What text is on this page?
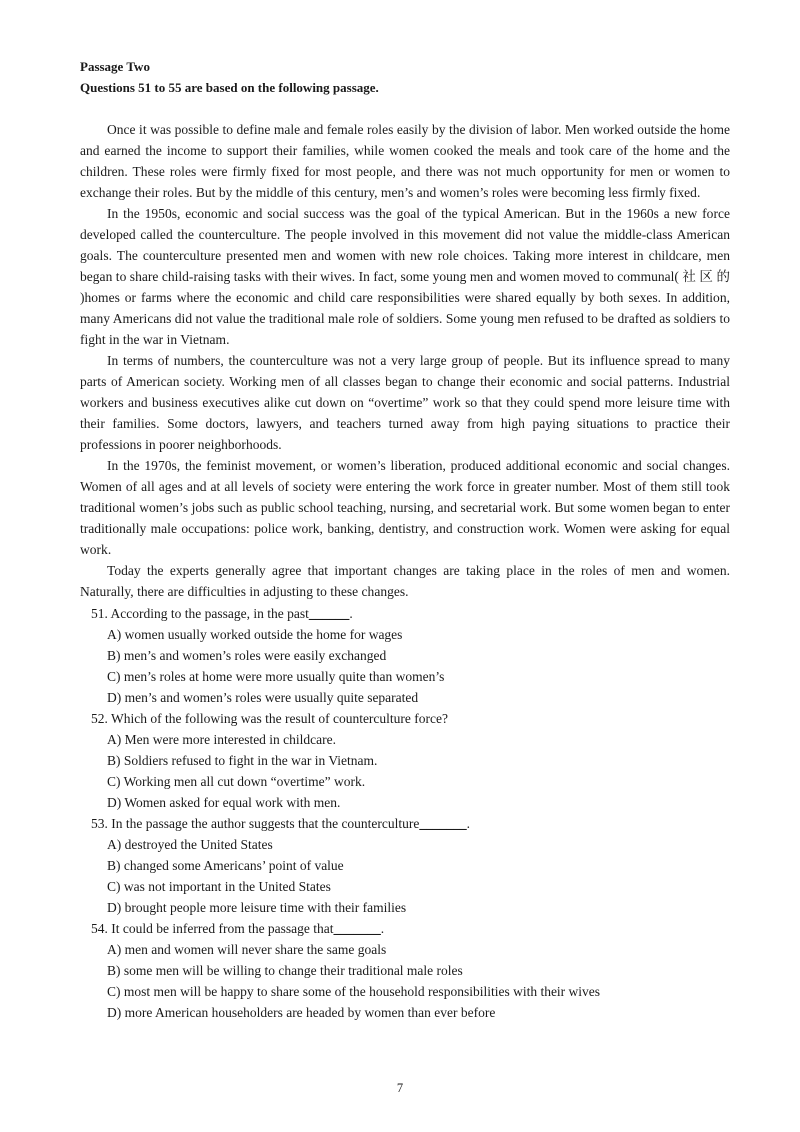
Passage Two

Questions 51 to 55 are based on the following passage.

Once it was possible to define male and female roles easily by the division of labor. Men worked outside the home and earned the income to support their families, while women cooked the meals and took care of the home and the children. These roles were firmly fixed for most people, and there was not much opportunity for men or women to exchange their roles. But by the middle of this century, men’s and women’s roles were becoming less firmly fixed.

In the 1950s, economic and social success was the goal of the typical American. But in the 1960s a new force developed called the counterculture. The people involved in this movement did not value the middle-class American goals. The counterculture presented men and women with new role choices. Taking more interest in childcare, men began to share child-raising tasks with their wives. In fact, some young men and women moved to communal( 社 区 的 )homes or farms where the economic and child care responsibilities were shared equally by both sexes. In addition, many Americans did not value the traditional male role of soldiers. Some young men refused to be drafted as soldiers to fight in the war in Vietnam.

In terms of numbers, the counterculture was not a very large group of people. But its influence spread to many parts of American society. Working men of all classes began to change their economic and social patterns. Industrial workers and business executives alike cut down on “overtime” work so that they could spend more leisure time with their families. Some doctors, lawyers, and teachers turned away from high paying situations to practice their professions in poorer neighborhoods.

In the 1970s, the feminist movement, or women’s liberation, produced additional economic and social changes. Women of all ages and at all levels of society were entering the work force in greater number. Most of them still took traditional women’s jobs such as public school teaching, nursing, and secretarial work. But some women began to enter traditionally male occupations: police work, banking, dentistry, and construction work. Women were asking for equal work.

Today the experts generally agree that important changes are taking place in the roles of men and women. Naturally, there are difficulties in adjusting to these changes.

51. According to the passage, in the past______.

A) women usually worked outside the home for wages

B) men’s and women’s roles were easily exchanged

C) men’s roles at home were more usually quite than women’s

D) men’s and women’s roles were usually quite separated

52. Which of the following was the result of counterculture force?

A) Men were more interested in childcare.

B) Soldiers refused to fight in the war in Vietnam.

C) Working men all cut down “overtime” work.

D) Women asked for equal work with men.

53. In the passage the author suggests that the counterculture_______.

A) destroyed the United States

B) changed some Americans’ point of value

C) was not important in the United States

D) brought people more leisure time with their families

54. It could be inferred from the passage that_______.

A) men and women will never share the same goals

B) some men will be willing to change their traditional male roles

C) most men will be happy to share some of the household responsibilities with their wives

D) more American householders are headed by women than ever before

7
